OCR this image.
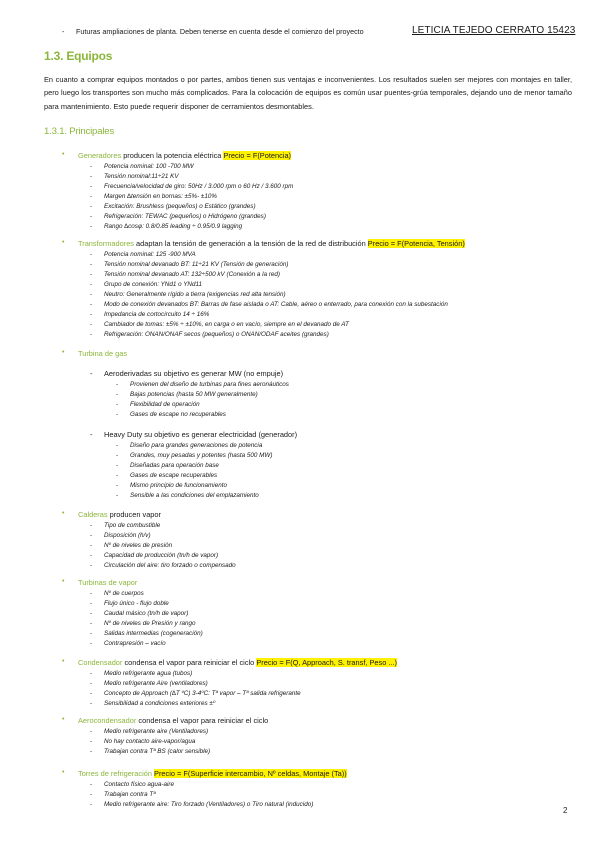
- Futuras ampliaciones de planta. Deben tenerse en cuenta desde el comienzo del proyecto	LETICIA TEJEDO CERRATO 15423
1.3. Equipos
En cuanto a comprar equipos montados o por partes, ambos tienen sus ventajas e inconvenientes. Los resultados suelen ser mejores con montajes en taller, pero luego los transportes son mucho más complicados. Para la colocación de equipos es común usar puentes-grúa temporales, dejando uno de menor tamaño para mantenimiento. Esto puede requerir disponer de cerramientos desmontables.
1.3.1. Principales
• Generadores producen la potencia eléctrica Precio = F(Potencia)
- Potencia nominal: 100 -700 MW
- Tensión nominal:11÷21 KV
- Frecuencia/velocidad de giro: 50Hz / 3.000 rpm o 60 Hz / 3.600 rpm
- Margen ∆tensión en bornas: ±5%- ±10%
- Excitación: Brushless (pequeños) o Estático (grandes)
- Refrigeración: TEWAC (pequeños) o Hidrógeno (grandes)
- Rango ∆cosφ: 0.8/0.85 leading ÷ 0.95/0.9 lagging
• Transformadores adaptan la tensión de generación a la tensión de la red de distribución Precio = F(Potencia, Tensión)
- Potencia nominal: 125 -900 MVA
- Tensión nominal devanado BT: 11÷21 KV (Tensión de generación)
- Tensión nominal devanado AT: 132÷500 kV (Conexión a la red)
- Grupo de conexión: YNd1 o YNd11
- Neutro: Generalmente rígido a tierra (exigencias red alta tensión)
- Modo de conexión devanados BT: Barras de fase aislada o AT: Cable, aéreo o enterrado, para conexión con la subestación
- Impedancia de cortocircuito 14 ÷ 16%
- Cambiador de tomas: ±5% ÷ ±10%, en carga o en vacío, siempre en el devanado de AT
- Refrigeración: ONAN/ONAF secos (pequeños) o ONAN/ODAF aceites (grandes)
• Turbina de gas
- Aeroderivadas su objetivo es generar MW (no empuje)
- Provienen del diseño de turbinas para fines aeronáuticos
- Bajas potencias (hasta 50 MW generalmente)
- Flexibilidad de operación
- Gases de escape no recuperables
- Heavy Duty su objetivo es generar electricidad (generador)
- Diseño para grandes generaciones de potencia
- Grandes, muy pesadas y potentes (hasta 500 MW)
- Diseñadas para operación base
- Gases de escape recuperables
- Mismo principio de funcionamiento
- Sensible a las condiciones del emplazamiento
• Calderas producen vapor
- Tipo de combustible
- Disposición (h/v)
- Nº de niveles de presión
- Capacidad de producción (tn/h de vapor)
- Circulación del aire: tiro forzado o compensado
• Turbinas de vapor
- Nº de cuerpos
- Flujo único - flujo doble
- Caudal másico (tn/h de vapor)
- Nº de niveles de Presión y rango
- Salidas intermedias (cogeneración)
- Contrapresión – vacío
• Condensador condensa el vapor para reiniciar el ciclo Precio = F(Q, Approach, S. transf, Peso ...)
- Medio refrigerante agua (tubos)
- Medio refrigerante Aire (ventiladores)
- Concepto de Approach (∆T ºC) 3-4ºC: Tª vapor – Tª salida refrigerante
- Sensibilidad a condiciones exteriores ±º
• Aerocondensador condensa el vapor para reiniciar el ciclo
- Medio refrigerante aire (Ventiladores)
- No hay contacto aire-vapor/agua
- Trabajan contra Tª BS (calor sensible)
• Torres de refrigeración Precio = F(Superficie intercambio, Nº celdas, Montaje (Ta))
- Contacto físico agua-aire
- Trabajan contra Tª
- Medio refrigerante aire: Tiro forzado (Ventiladores) o Tiro natural (inducido)
2
